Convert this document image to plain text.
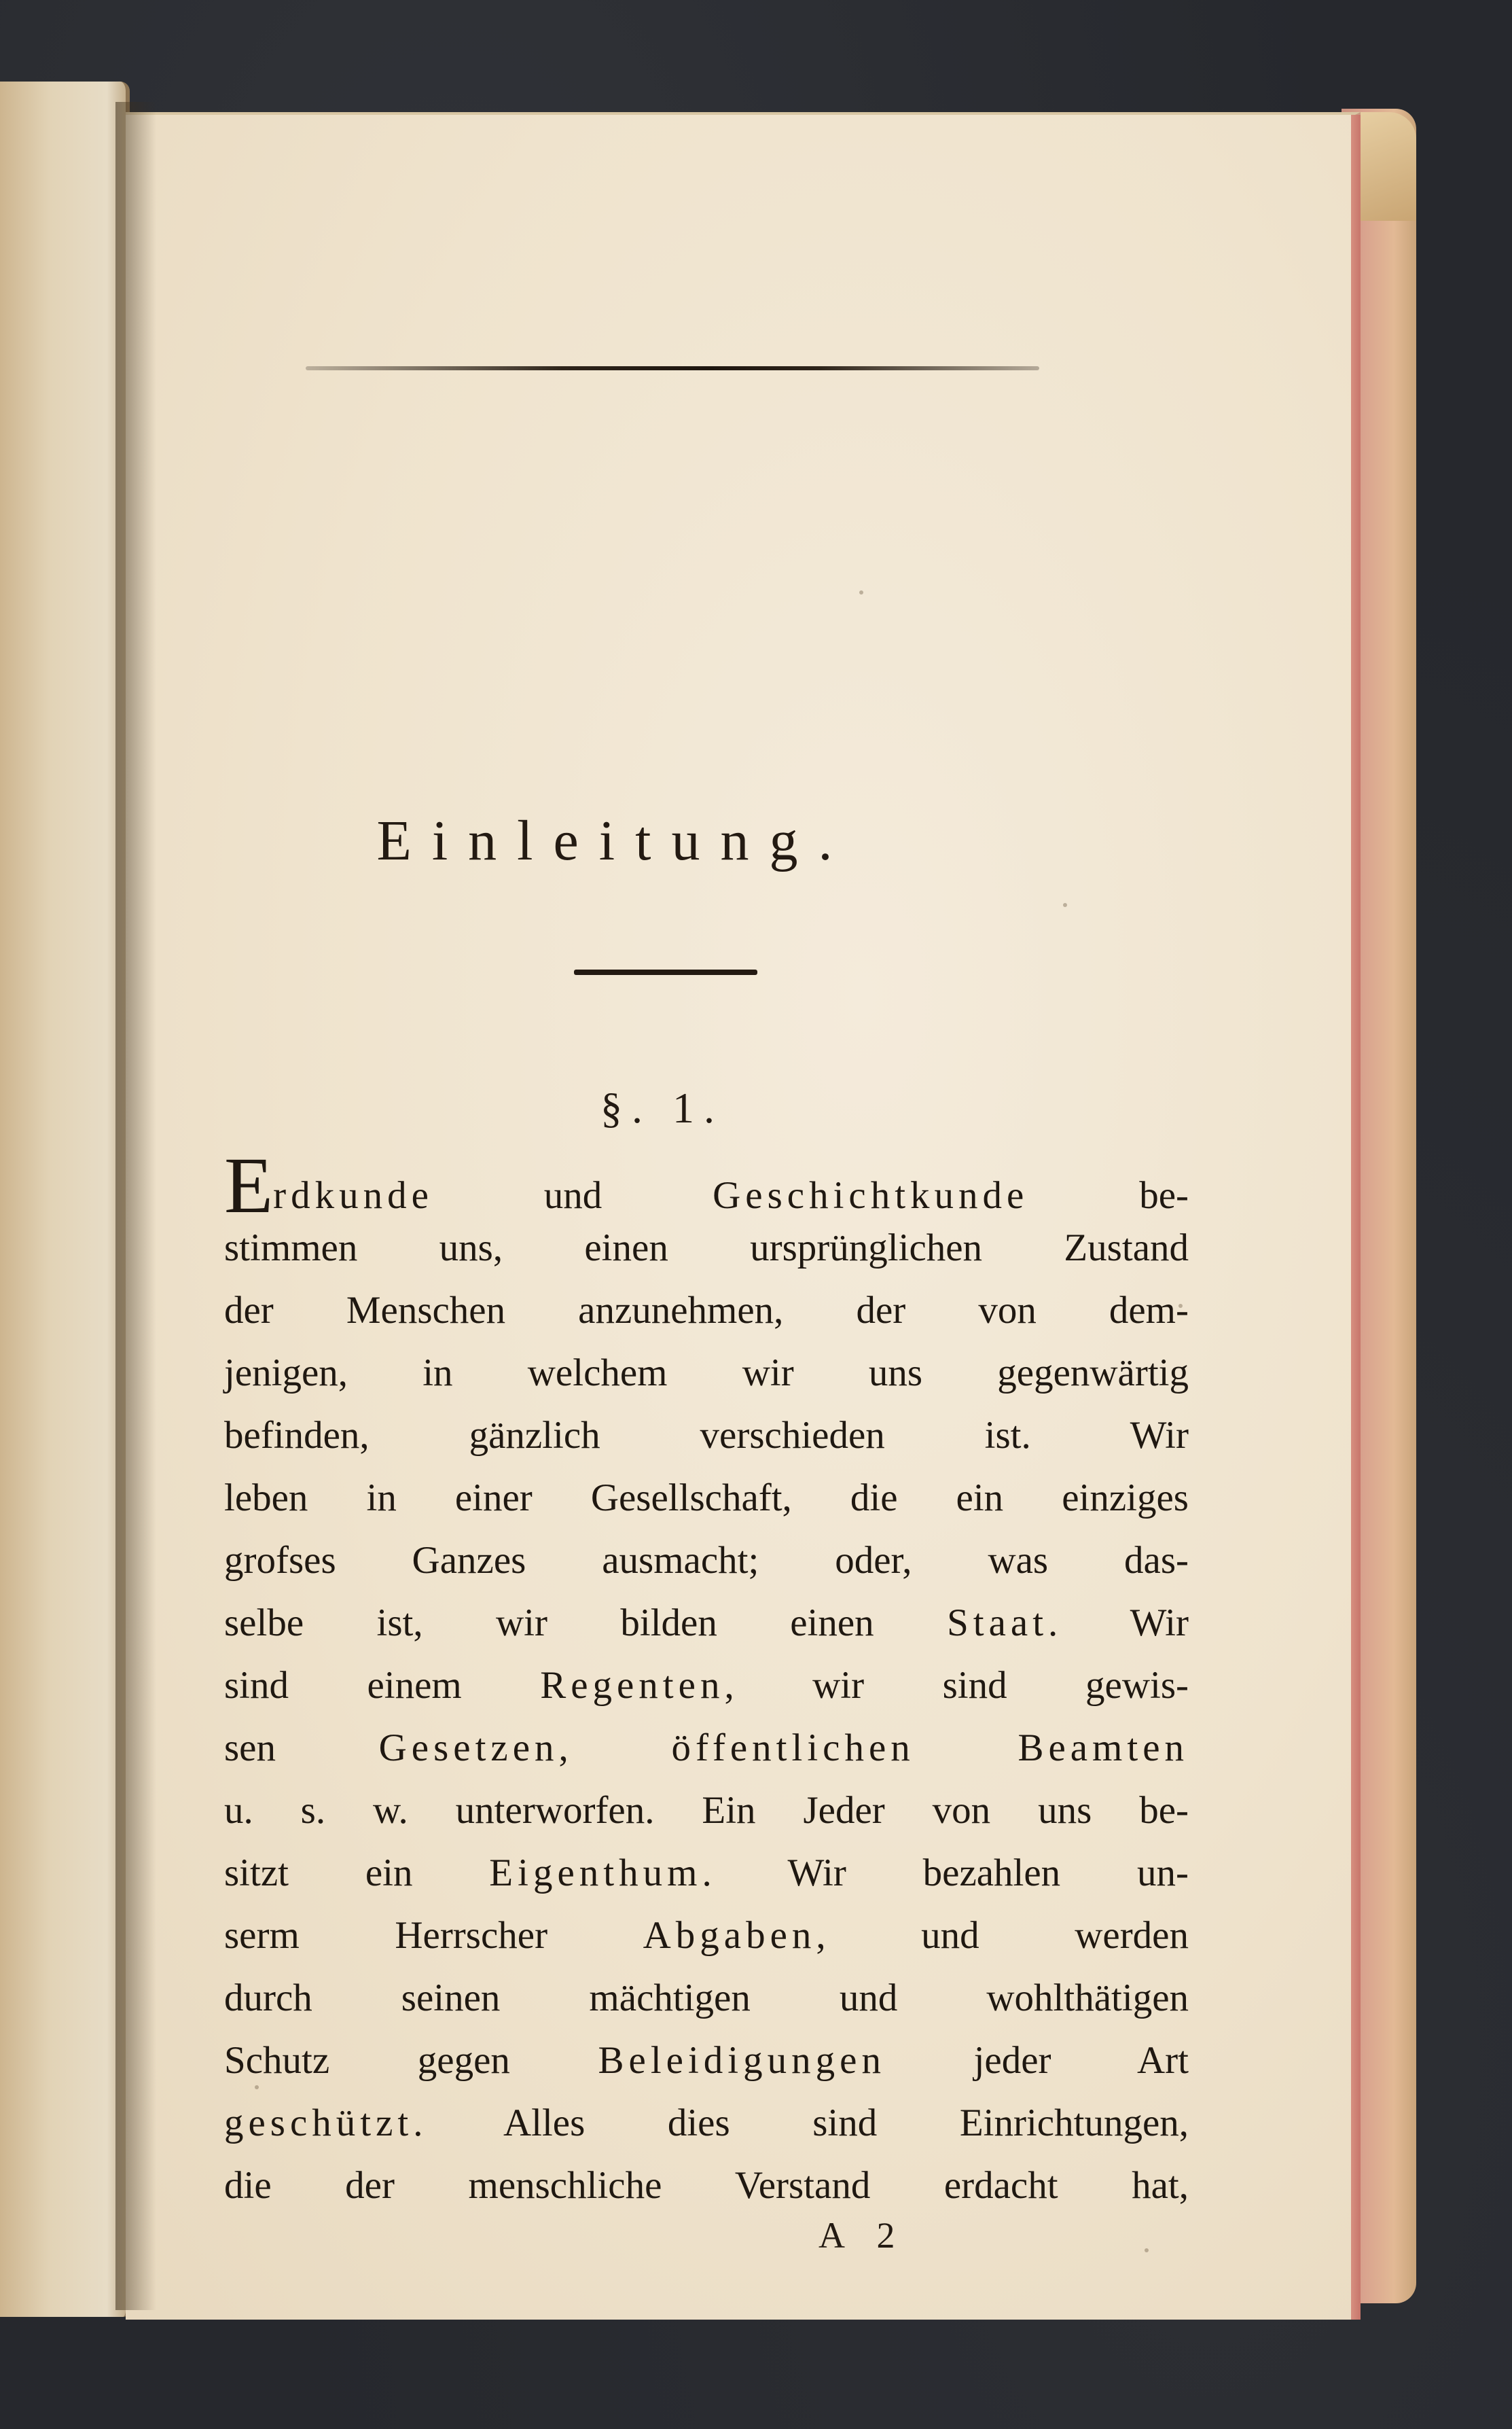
Einleitung.
§. 1.
Erdkunde und Geschichtkunde be-
stimmen uns, einen ursprünglichen Zustand
der Menschen anzunehmen, der von dem-
jenigen, in welchem wir uns gegenwärtig
befinden, gänzlich verschieden ist. Wir
leben in einer Gesellschaft, die ein einziges
grofses Ganzes ausmacht; oder, was das-
selbe ist, wir bilden einen Staat. Wir
sind einem Regenten, wir sind gewis-
sen Gesetzen, öffentlichen	Beamten
u. s. w. unterworfen. Ein Jeder von uns be-
sitzt ein Eigenthum. Wir bezahlen un-
serm Herrscher Abgaben, und werden
durch seinen mächtigen und wohlthätigen
Schutz gegen Beleidigungen jeder Art
geschützt. Alles dies sind Einrichtungen,
die der menschliche Verstand erdacht hat,
A 2
